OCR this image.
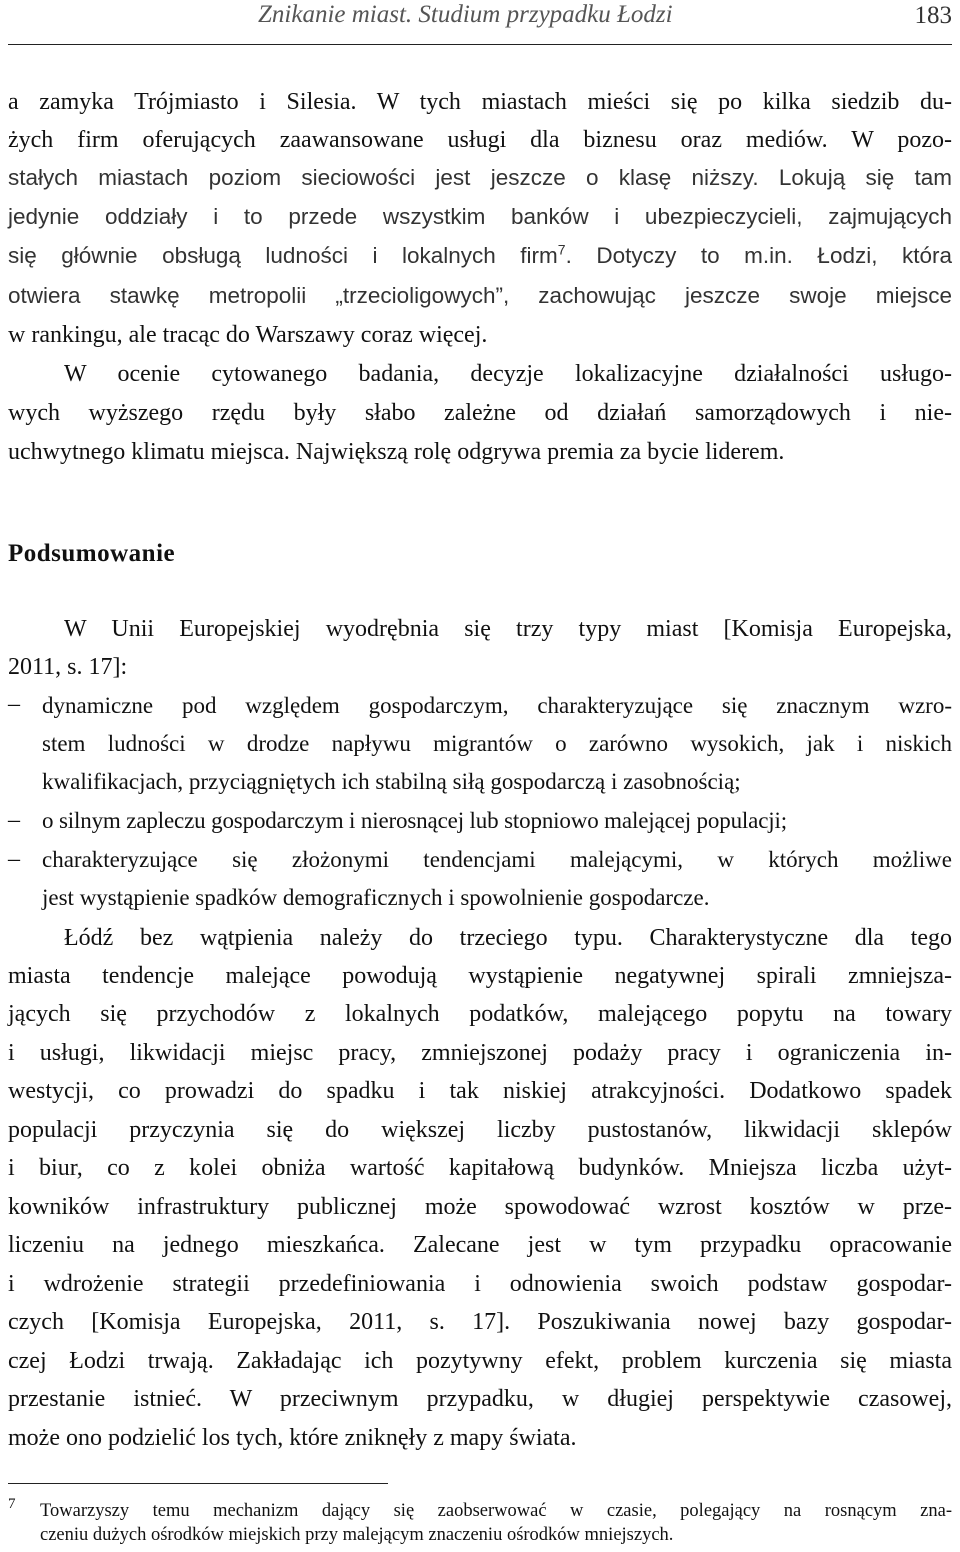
Znikanie miast. Studium przypadku Łodzi	183
a zamyka Trójmiasto i Silesia. W tych miastach mieści się po kilka siedzib du-
żych firm oferujących zaawansowane usługi dla biznesu oraz mediów. W pozo-
stałych miastach poziom sieciowości jest jeszcze o klasę niższy. Lokują się tam
jedynie oddziały i to przede wszystkim banków i ubezpieczycieli, zajmujących
się głównie obsługą ludności i lokalnych firm$^7$. Dotyczy to m.in. Łodzi, która
otwiera stawkę metropolii „trzecioligowych”, zachowując jeszcze swoje miejsce
w rankingu, ale tracąc do Warszawy coraz więcej.
W ocenie cytowanego badania, decyzje lokalizacyjne działalności usługo-
wych wyższego rzędu były słabo zależne od działań samorządowych i nie-
uchwytnego klimatu miejsca. Największą rolę odgrywa premia za bycie liderem.
Podsumowanie
W Unii Europejskiej wyodrębnia się trzy typy miast [Komisja Europejska,
2011, s. 17]:
– dynamiczne pod względem gospodarczym, charakteryzujące się znacznym wzro-
stem ludności w drodze napływu migrantów o zarówno wysokich, jak i niskich
kwalifikacjach, przyciągniętych ich stabilną siłą gospodarczą i zasobnością;
– o silnym zapleczu gospodarczym i nierosnącej lub stopniowo malejącej populacji;
– charakteryzujące się złożonymi tendencjami malejącymi, w których możliwe
jest wystąpienie spadków demograficznych i spowolnienie gospodarcze.
Łódź bez wątpienia należy do trzeciego typu. Charakterystyczne dla tego
miasta tendencje malejące powodują wystąpienie negatywnej spirali zmniejsza-
jących się przychodów z lokalnych podatków, malejącego popytu na towary
i usługi, likwidacji miejsc pracy, zmniejszonej podaży pracy i ograniczenia in-
westycji, co prowadzi do spadku i tak niskiej atrakcyjności. Dodatkowo spadek
populacji przyczynia się do większej liczby pustostanów, likwidacji sklepów
i biur, co z kolei obniża wartość kapitałową budynków. Mniejsza liczba użyt-
kowników infrastruktury publicznej może spowodować wzrost kosztów w prze-
liczeniu na jednego mieszkańca. Zalecane jest w tym przypadku opracowanie
i wdrożenie strategii przedefiniowania i odnowienia swoich podstaw gospodar-
czych [Komisja Europejska, 2011, s. 17]. Poszukiwania nowej bazy gospodar-
czej Łodzi trwają. Zakładając ich pozytywny efekt, problem kurczenia się miasta
przestanie istnieć. W przeciwnym przypadku, w długiej perspektywie czasowej,
może ono podzielić los tych, które zniknęły z mapy świata.
7 Towarzyszy temu mechanizm dający się zaobserwować w czasie, polegający na rosnącym zna-
czeniu dużych ośrodków miejskich przy malejącym znaczeniu ośrodków mniejszych.
